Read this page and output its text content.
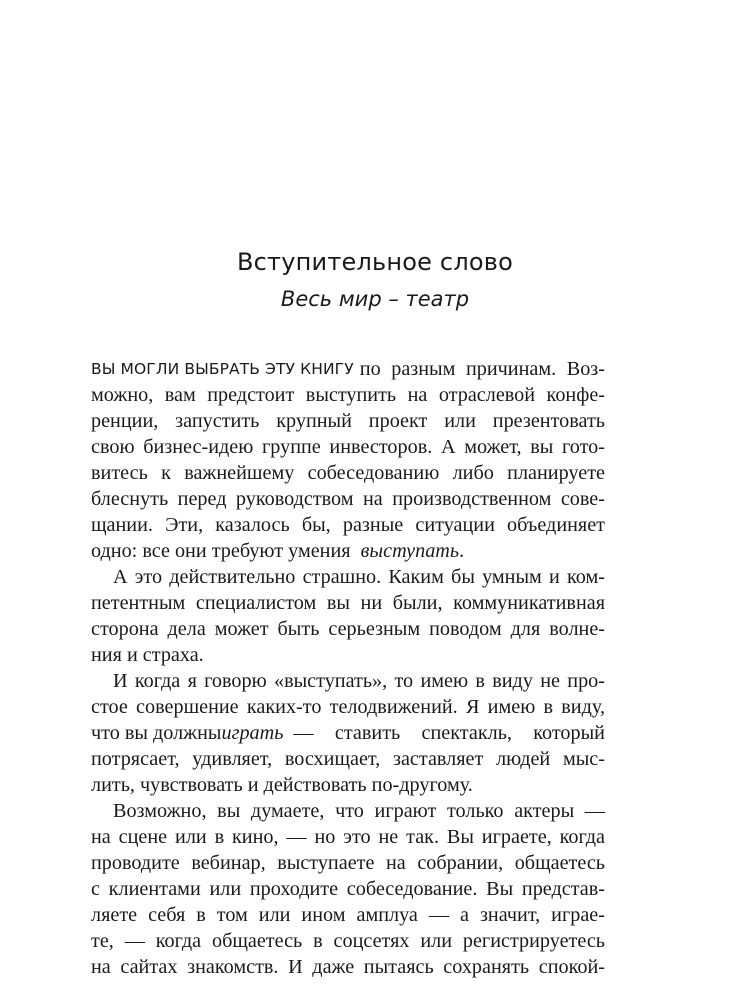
Вступительное слово
Весь мир – театр
ВЫ МОГЛИ ВЫБРАТЬ ЭТУ КНИГУ по разным причинам. Воз-
можно, вам предстоит выступить на отраслевой конфе-
ренции, запустить крупный проект или презентовать
свою бизнес-идею группе инвесторов. А может, вы гото-
витесь к важнейшему собеседованию либо планируете
блеснуть перед руководством на производственном сове-
щании. Эти, казалось бы, разные ситуации объединяет
одно: все они требуют умения
выступать .
А это действительно страшно. Каким бы умным и ком-
петентным специалистом вы ни были, коммуникативная
сторона дела может быть серьезным поводом для волне-
ния и страха.
И когда я говорю «выступать», то имею в виду не про-
стое совершение каких-то телодвижений. Я имею в виду,
что вы должны играть — ставить спектакль, который
потрясает, удивляет, восхищает, заставляет людей мыс-
лить, чувствовать и действовать по-другому.
Возможно, вы думаете, что играют только актеры —
на сцене или в кино, — но это не так. Вы играете, когда
проводите вебинар, выступаете на собрании, общаетесь
с клиентами или проходите собеседование. Вы представ-
ляете себя в том или ином амплуа — а значит, играе-
те, — когда общаетесь в соцсетях или регистрируетесь
на сайтах знакомств. И даже пытаясь сохранять спокой-
